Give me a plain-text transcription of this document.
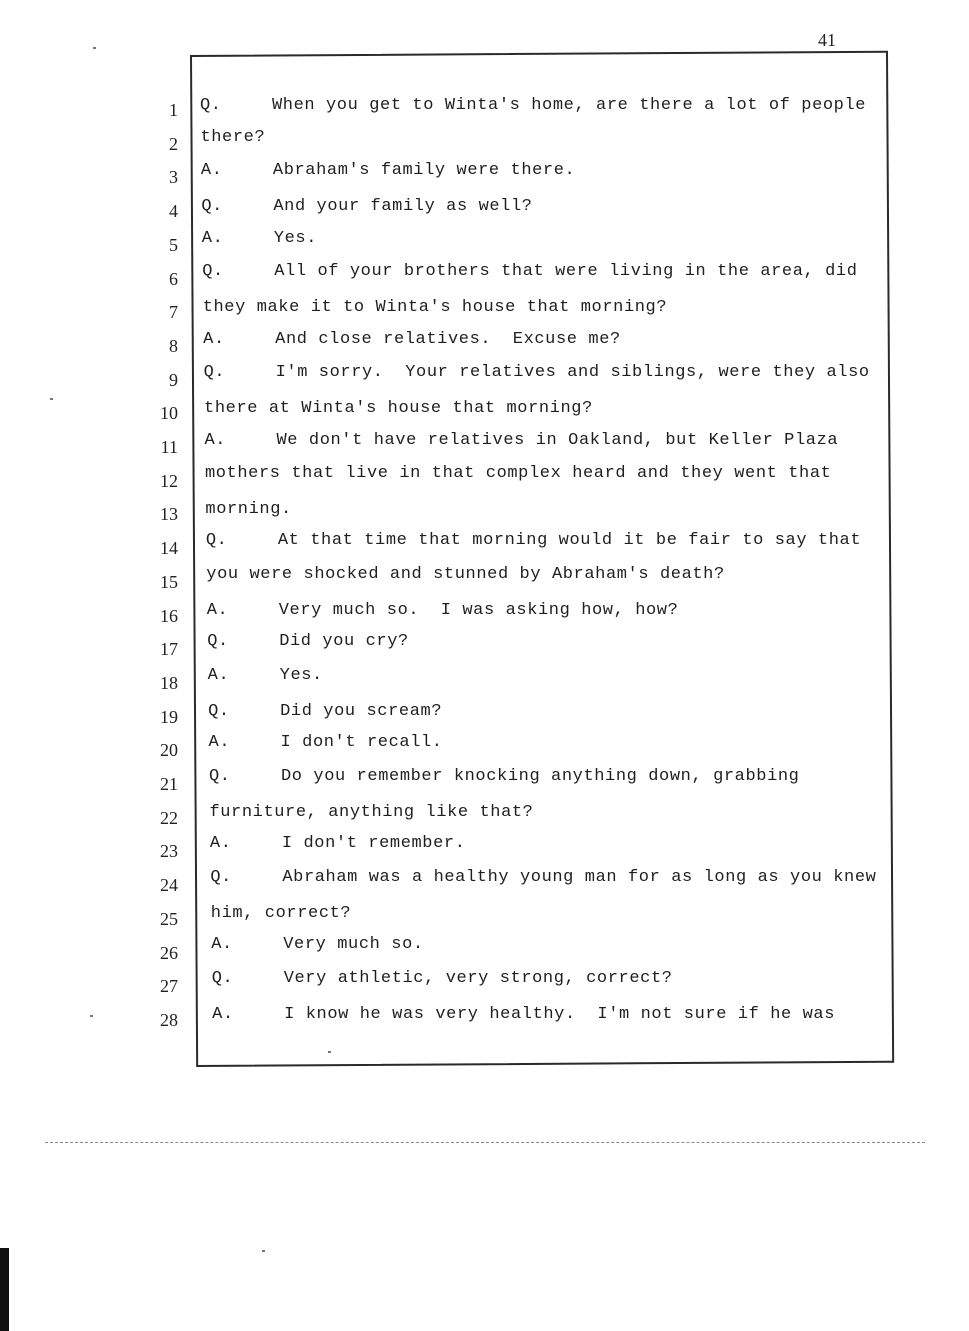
41
1 Q.	When you get to Winta's home, are there a lot of people
2 there?
3 A.	Abraham's family were there.
4 Q.	And your family as well?
5 A.	Yes.
6 Q.	All of your brothers that were living in the area, did
7 they make it to Winta's house that morning?
8 A.	And close relatives.  Excuse me?
9 Q.	I'm sorry.  Your relatives and siblings, were they also
10 there at Winta's house that morning?
11 A.	We don't have relatives in Oakland, but Keller Plaza
12 mothers that live in that complex heard and they went that
13 morning.
14 Q.	At that time that morning would it be fair to say that
15 you were shocked and stunned by Abraham's death?
16 A.	Very much so.  I was asking how, how?
17 Q.	Did you cry?
18 A.	Yes.
19 Q.	Did you scream?
20 A.	I don't recall.
21 Q.	Do you remember knocking anything down, grabbing
22 furniture, anything like that?
23 A.	I don't remember.
24 Q.	Abraham was a healthy young man for as long as you knew
25 him, correct?
26 A.	Very much so.
27 Q.	Very athletic, very strong, correct?
28 A.	I know he was very healthy.  I'm not sure if he was
